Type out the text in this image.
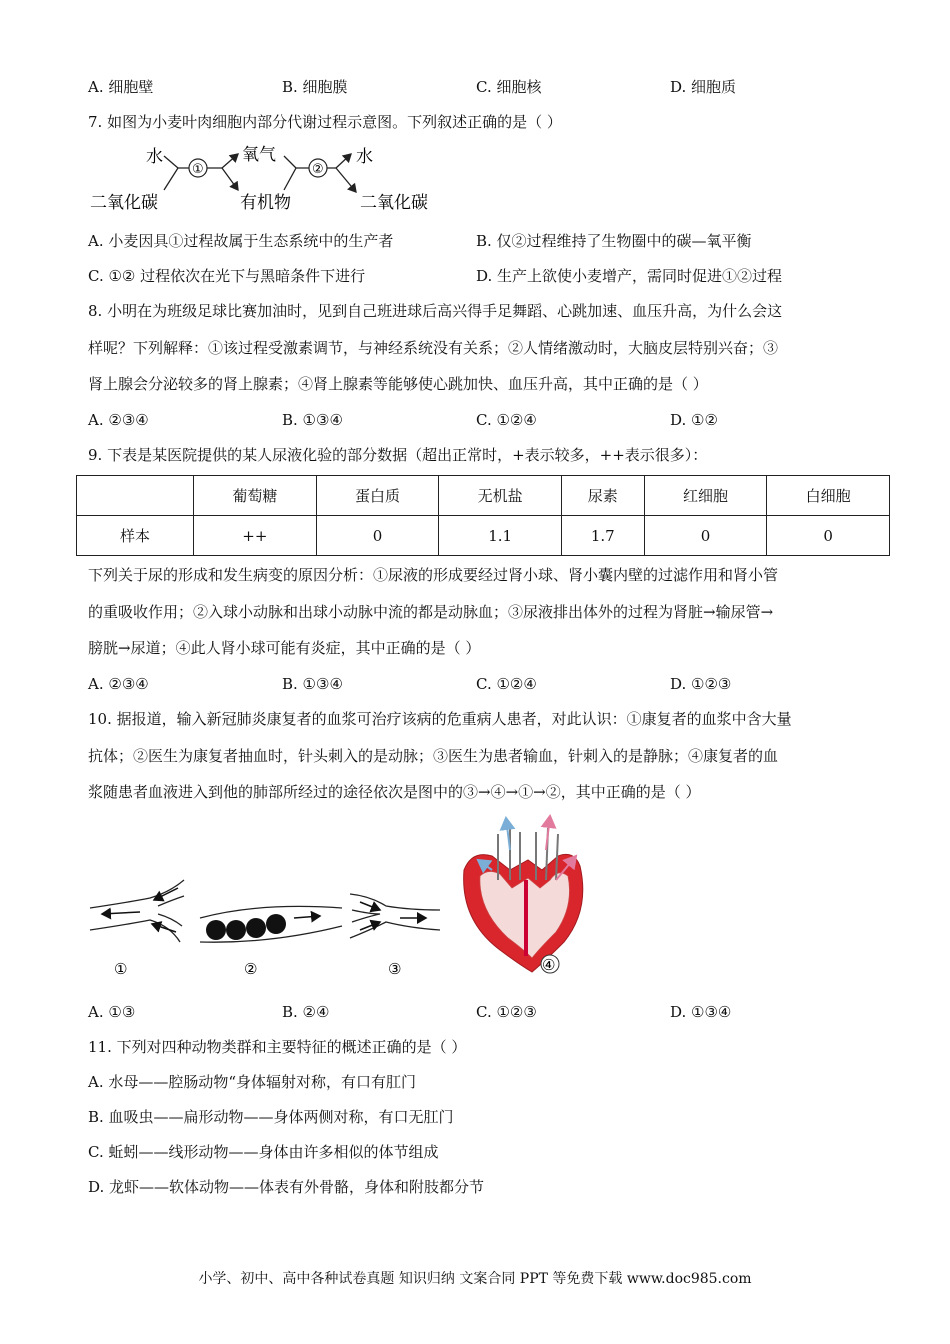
A. 细胞壁	B. 细胞膜	C. 细胞核	D. 细胞质
7. 如图为小麦叶肉细胞内部分代谢过程示意图。下列叙述正确的是（ ）
水
二氧化碳
①
氧气
有机物
②
水
二氧化碳
A. 小麦因具①过程故属于生态系统中的生产者	B. 仅②过程维持了生物圈中的碳—氧平衡
C. ①② 过程依次在光下与黑暗条件下进行	D. 生产上欲使小麦增产，需同时促进①②过程
8. 小明在为班级足球比赛加油时，见到自己班进球后高兴得手足舞蹈、心跳加速、血压升高，为什么会这
样呢？下列解释：①该过程受激素调节，与神经系统没有关系；②人情绪激动时，大脑皮层特别兴奋；③
肾上腺会分泌较多的肾上腺素；④肾上腺素等能够使心跳加快、血压升高，其中正确的是（ ）
A. ②③④	B. ①③④	C. ①②④	D. ①②
9. 下表是某医院提供的某人尿液化验的部分数据（超出正常时，+表示较多，++表示很多）：
	葡萄糖	蛋白质	无机盐	尿素	红细胞	白细胞
样本	++	0	1.1	1.7	0	0
下列关于尿的形成和发生病变的原因分析：①尿液的形成要经过肾小球、肾小囊内壁的过滤作用和肾小管
的重吸收作用；②入球小动脉和出球小动脉中流的都是动脉血；③尿液排出体外的过程为肾脏→输尿管→
膀胱→尿道；④此人肾小球可能有炎症，其中正确的是（ ）
A. ②③④	B. ①③④	C. ①②④	D. ①②③
10. 据报道，输入新冠肺炎康复者的血浆可治疗该病的危重病人患者，对此认识：①康复者的血浆中含大量
抗体；②医生为康复者抽血时，针头刺入的是动脉；③医生为患者输血，针刺入的是静脉；④康复者的血
浆随患者血液进入到他的肺部所经过的途径依次是图中的③→④→①→②，其中正确的是（ ）
①	②	③	④
A. ①③	B. ②④	C. ①②③	D. ①③④
11. 下列对四种动物类群和主要特征的概述正确的是（ ）
A. 水母——腔肠动物“身体辐射对称，有口有肛门
B. 血吸虫——扁形动物——身体两侧对称，有口无肛门
C. 蚯蚓——线形动物——身体由许多相似的体节组成
D. 龙虾——软体动物——体表有外骨骼，身体和附肢都分节
小学、初中、高中各种试卷真题 知识归纳 文案合同 PPT 等免费下载 www.doc985.com
